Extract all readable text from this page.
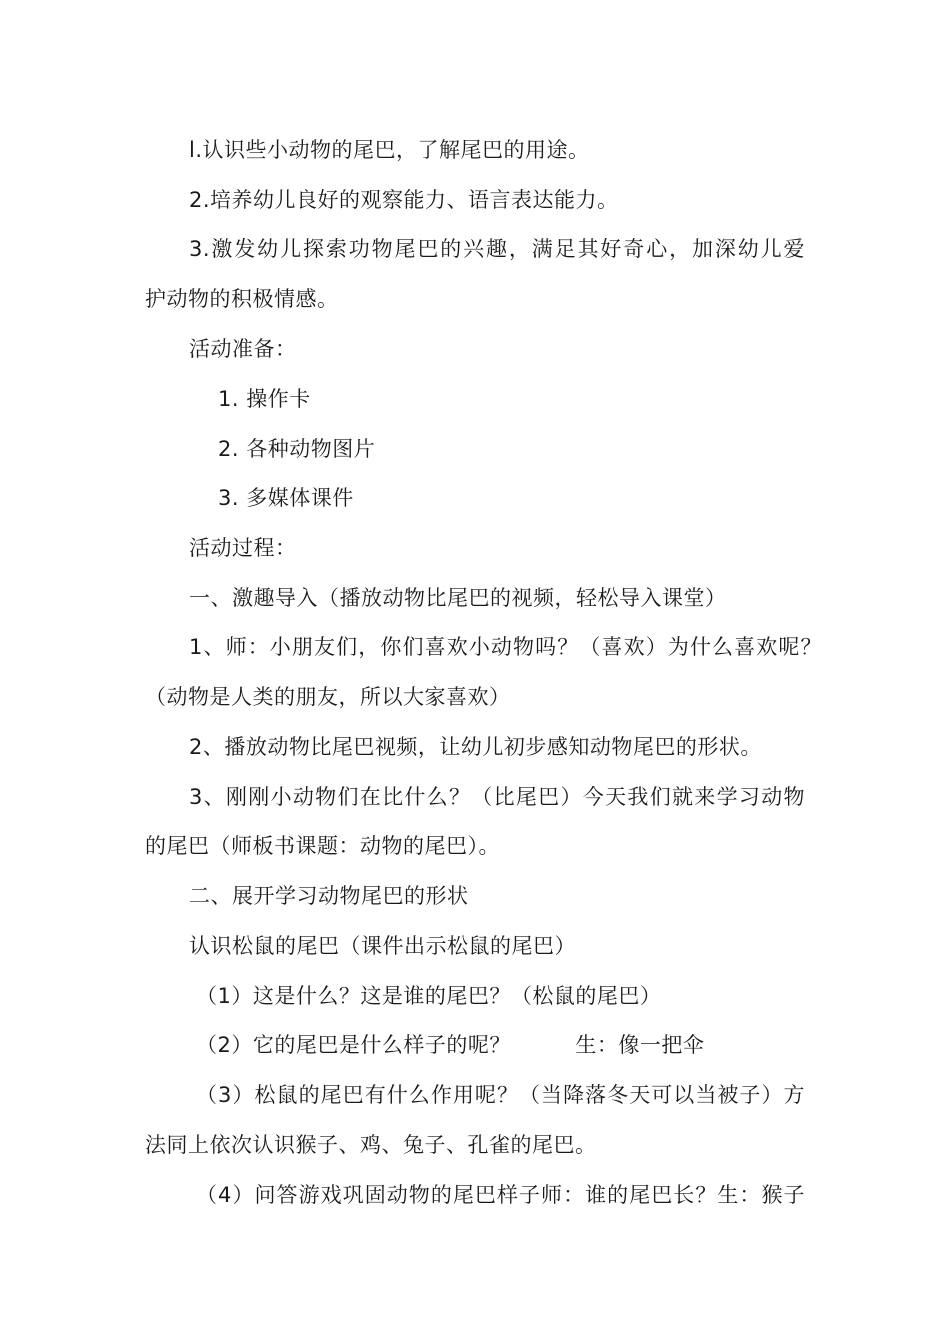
l.认识些小动物的尾巴，了解尾巴的用途。
2.培养幼儿良好的观察能力、语言表达能力。
3.激发幼儿探索功物尾巴的兴趣，满足其好奇心，加深幼儿爱
护动物的积极情感。
活动准备：
1. 操作卡
2. 各种动物图片
3. 多媒体课件
活动过程：
一、激趣导入（播放动物比尾巴的视频，轻松导入课堂）
1、师：小朋友们，你们喜欢小动物吗？（喜欢）为什么喜欢呢？
（动物是人类的朋友，所以大家喜欢）
2、播放动物比尾巴视频，让幼儿初步感知动物尾巴的形状。
3、刚刚小动物们在比什么？（比尾巴）今天我们就来学习动物
的尾巴（师板书课题：动物的尾巴）。
二、展开学习动物尾巴的形状
认识松鼠的尾巴（课件出示松鼠的尾巴）
（1）这是什么？这是谁的尾巴？（松鼠的尾巴）
（2）它的尾巴是什么样子的呢？　　　生：像一把伞
（3）松鼠的尾巴有什么作用呢？（当降落冬天可以当被子）方
法同上依次认识猴子、鸡、兔子、孔雀的尾巴。
（4）问答游戏巩固动物的尾巴样子师：谁的尾巴长？生：猴子
